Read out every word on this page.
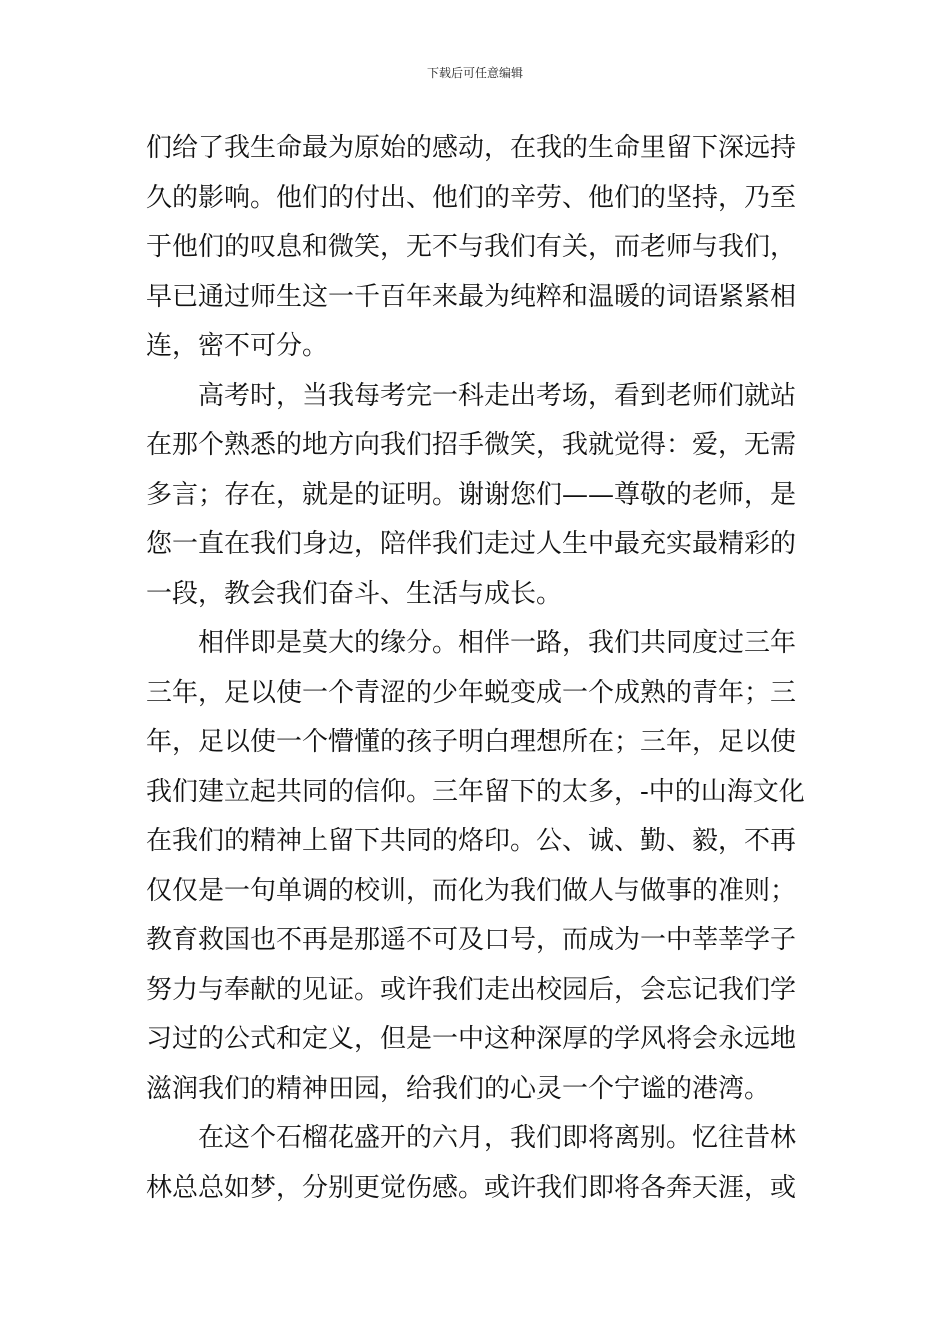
下载后可任意编辑
们给了我生命最为原始的感动，在我的生命里留下深远持
久的影响。他们的付出、他们的辛劳、他们的坚持，乃至
于他们的叹息和微笑，无不与我们有关，而老师与我们，
早已通过师生这一千百年来最为纯粹和温暖的词语紧紧相
连，密不可分。
　　高考时，当我每考完一科走出考场，看到老师们就站
在那个熟悉的地方向我们招手微笑，我就觉得：爱，无需
多言；存在，就是的证明。谢谢您们——尊敬的老师，是
您一直在我们身边，陪伴我们走过人生中最充实最精彩的
一段，教会我们奋斗、生活与成长。
　　相伴即是莫大的缘分。相伴一路，我们共同度过三年
三年，足以使一个青涩的少年蜕变成一个成熟的青年；三
年，足以使一个懵懂的孩子明白理想所在；三年，足以使
我们建立起共同的信仰。三年留下的太多，-中的山海文化
在我们的精神上留下共同的烙印。公、诚、勤、毅，不再
仅仅是一句单调的校训，而化为我们做人与做事的准则；
教育救国也不再是那遥不可及口号，而成为一中莘莘学子
努力与奉献的见证。或许我们走出校园后，会忘记我们学
习过的公式和定义，但是一中这种深厚的学风将会永远地
滋润我们的精神田园，给我们的心灵一个宁谧的港湾。
　　在这个石榴花盛开的六月，我们即将离别。忆往昔林
林总总如梦，分别更觉伤感。或许我们即将各奔天涯，或
